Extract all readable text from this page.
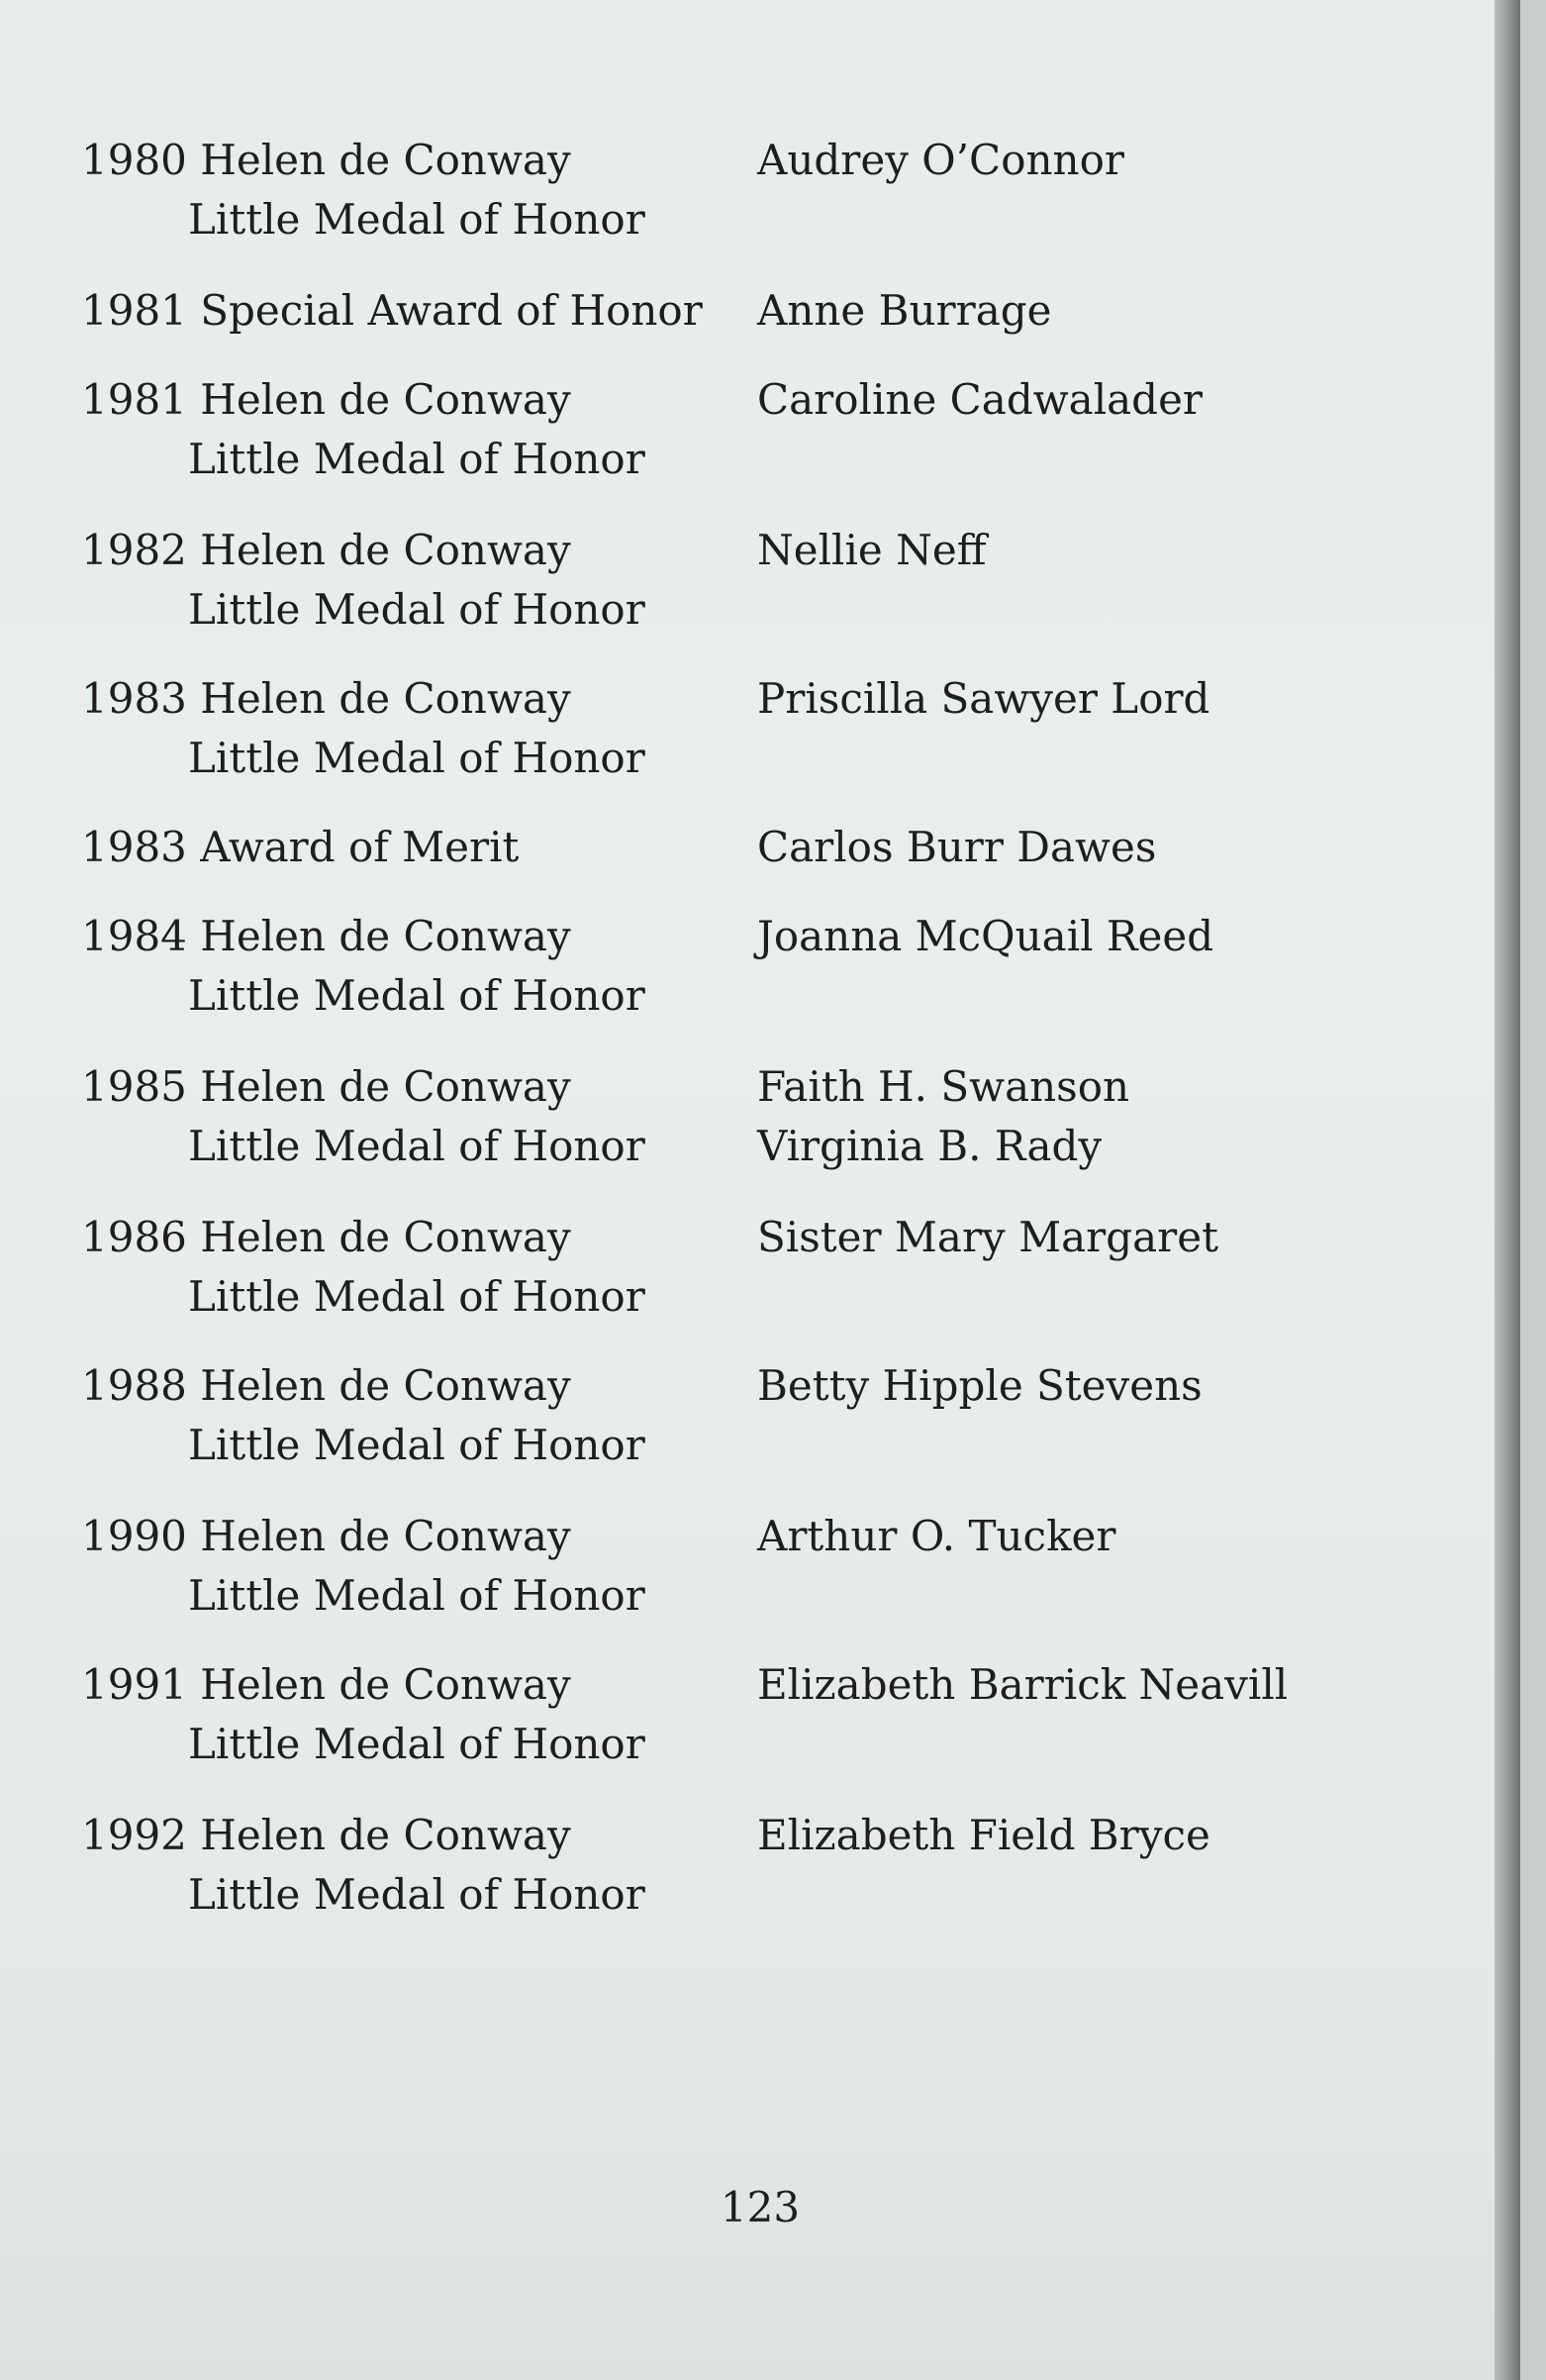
1980 Helen de Conway
Little Medal of Honor
Audrey O’Connor
1981 Special Award of Honor Anne Burrage
1981 Helen de Conway
Little Medal of Honor
Caroline Cadwalader
1982 Helen de Conway
Little Medal of Honor
Nellie Neff
1983 Helen de Conway
Little Medal of Honor
Priscilla Sawyer Lord
1983 Award of Merit	Carlos Burr Dawes
1984 Helen de Conway
Little Medal of Honor
Joanna McQuail Reed
1985 Helen de Conway
Little Medal of Honor
Faith H. Swanson
Virginia B. Rady
1986 Helen de Conway
Little Medal of Honor
Sister Mary Margaret
1988 Helen de Conway
Little Medal of Honor
Betty Hipple Stevens
1990 Helen de Conway
Little Medal of Honor
Arthur O. Tucker
1991 Helen de Conway
Little Medal of Honor
Elizabeth Barrick Neavill
1992 Helen de Conway
Little Medal of Honor
Elizabeth Field Bryce
123
